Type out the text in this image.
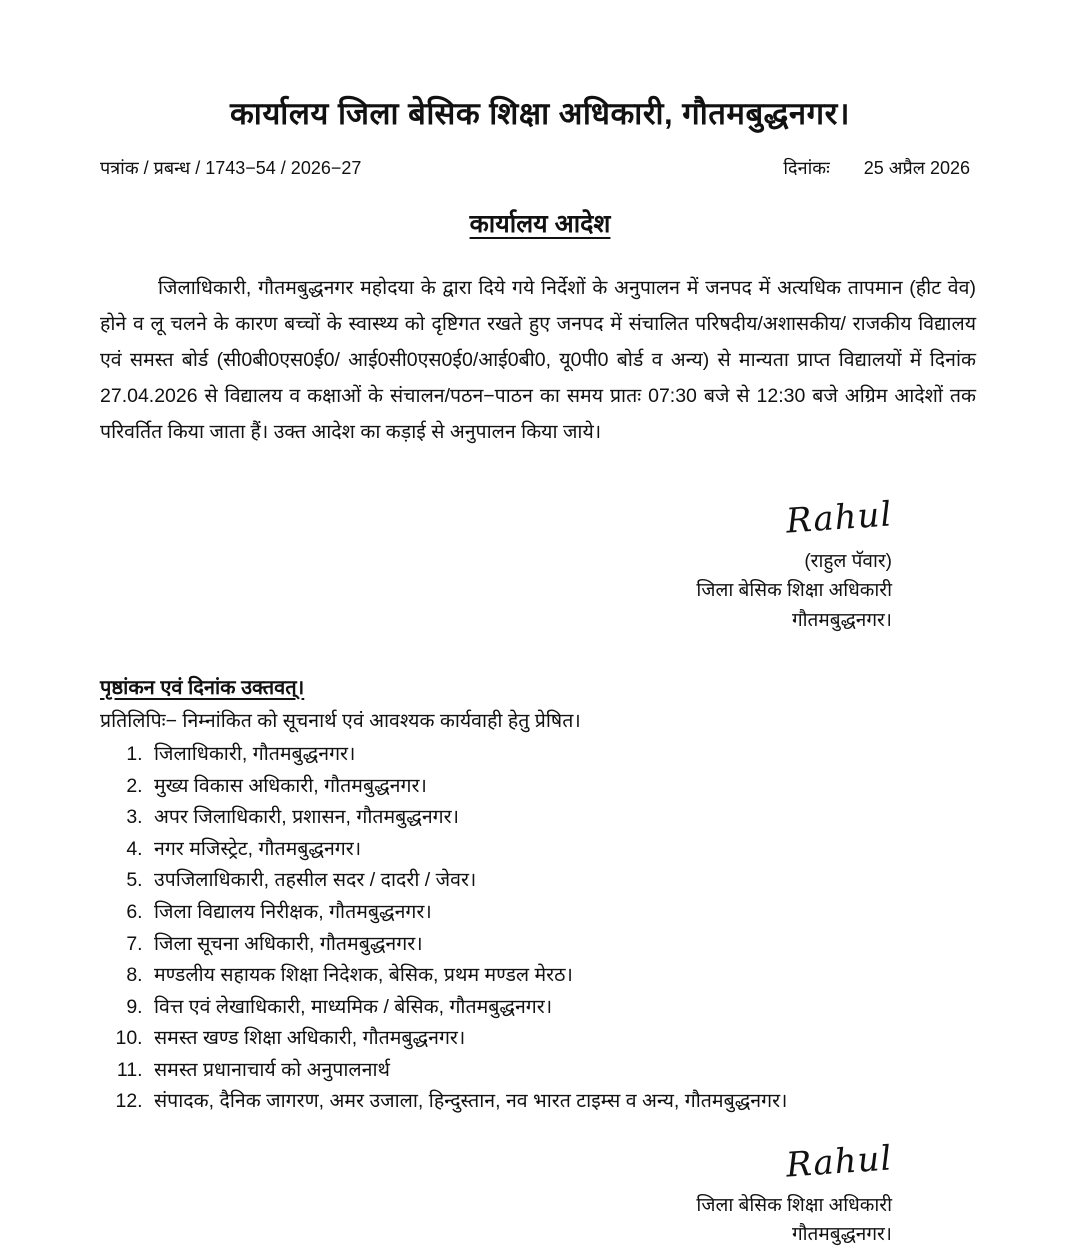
कार्यालय जिला बेसिक शिक्षा अधिकारी, गौतमबुद्धनगर।
पत्रांक / प्रबन्ध / 1743−54 / 2026−27	दिनांकः 25 अप्रैल 2026
कार्यालय आदेश

जिलाधिकारी, गौतमबुद्धनगर महोदया के द्वारा दिये गये निर्देशों के अनुपालन में जनपद में अत्यधिक तापमान (हीट वेव) होने व लू चलने के कारण बच्चों के स्वास्थ्य को दृष्टिगत रखते हुए जनपद में संचालित परिषदीय/अशासकीय/ राजकीय विद्यालय एवं समस्त बोर्ड (सी0बी0एस0ई0/ आई0सी0एस0ई0/आई0बी0, यू0पी0 बोर्ड व अन्य) से मान्यता प्राप्त विद्यालयों में दिनांक 27.04.2026 से विद्यालय व कक्षाओं के संचालन/पठन−पाठन का समय प्रातः 07:30 बजे से 12:30 बजे अग्रिम आदेशों तक परिवर्तित किया जाता हैं। उक्त आदेश का कड़ाई से अनुपालन किया जाये।

Rahul
(राहुल पॅवार)
जिला बेसिक शिक्षा अधिकारी
गौतमबुद्धनगर।
पृष्ठांकन एवं दिनांक उक्तवत्।
प्रतिलिपिः− निम्नांकित को सूचनार्थ एवं आवश्यक कार्यवाही हेतु प्रेषित।
1. जिलाधिकारी, गौतमबुद्धनगर।
2. मुख्य विकास अधिकारी, गौतमबुद्धनगर।
3. अपर जिलाधिकारी, प्रशासन, गौतमबुद्धनगर।
4. नगर मजिस्ट्रेट, गौतमबुद्धनगर।
5. उपजिलाधिकारी, तहसील सदर / दादरी / जेवर।
6. जिला विद्यालय निरीक्षक, गौतमबुद्धनगर।
7. जिला सूचना अधिकारी, गौतमबुद्धनगर।
8. मण्डलीय सहायक शिक्षा निदेशक, बेसिक, प्रथम मण्डल मेरठ।
9. वित्त एवं लेखाधिकारी, माध्यमिक / बेसिक, गौतमबुद्धनगर।
10. समस्त खण्ड शिक्षा अधिकारी, गौतमबुद्धनगर।
11. समस्त प्रधानाचार्य को अनुपालनार्थ
12. संपादक, दैनिक जागरण, अमर उजाला, हिन्दुस्तान, नव भारत टाइम्स व अन्य, गौतमबुद्धनगर।
Rahul
जिला बेसिक शिक्षा अधिकारी
गौतमबुद्धनगर।
